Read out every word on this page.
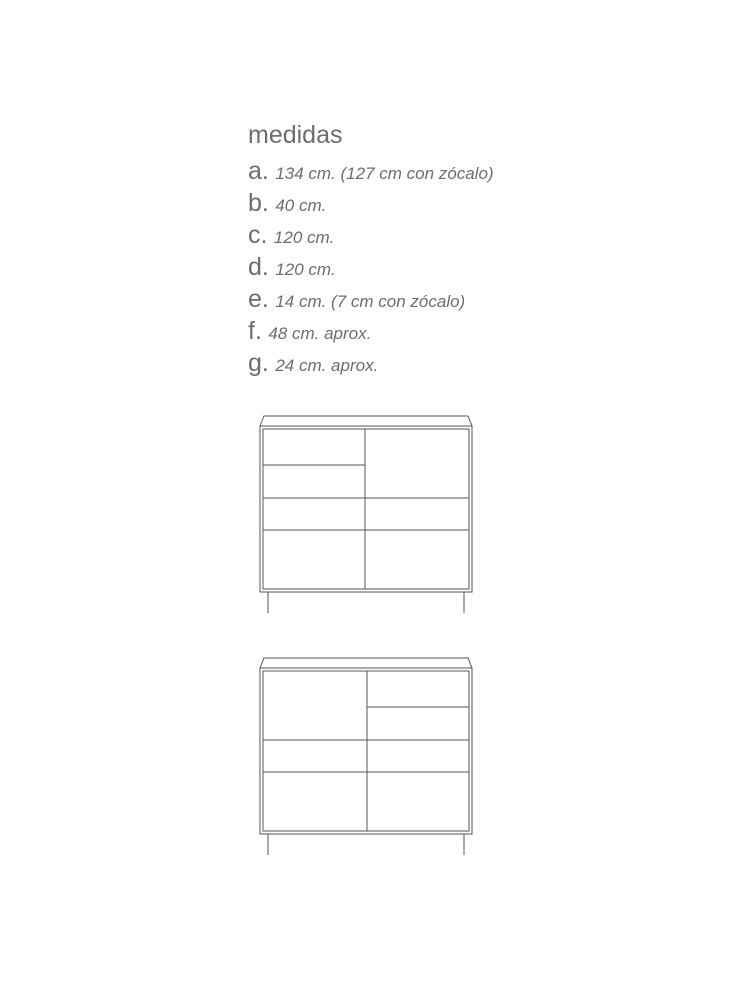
medidas
a. 134 cm. (127 cm con zócalo)
b. 40 cm.
c. 120 cm.
d. 120 cm.
e. 14 cm. (7 cm con zócalo)
f. 48 cm. aprox.
g. 24 cm. aprox.
